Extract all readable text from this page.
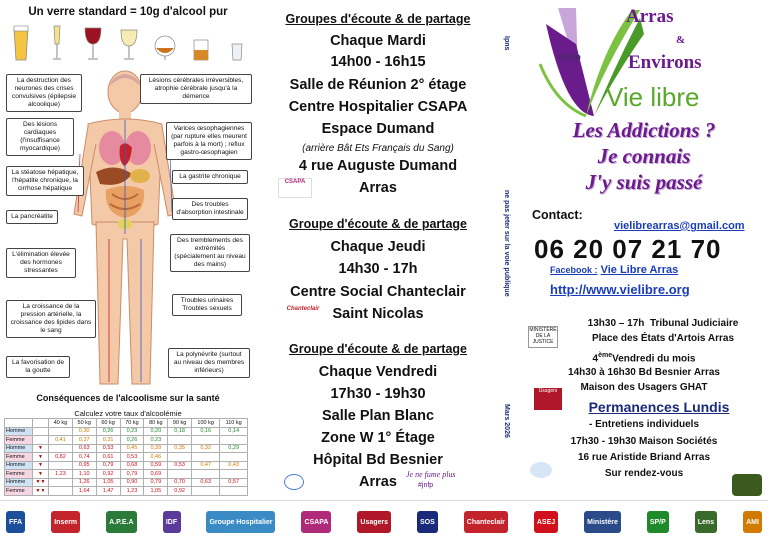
Un verre standard = 10g d'alcool pur
La destruction des neurones des crises convulsives (épilepsie alcoolique)
Lésions cérébrales irréversibles, atrophie cérébrale jusqu'à la démence
Des lésions cardiaques (l'insuffisance myocardique)
Varices œsophagiennes (par rupture elles meurent parfois à la mort) ; reflux gastro-œsophagien
La stéatose hépatique, l'hépatite chronique, la cirrhose hépatique
La gastrite chronique
Des troubles d'absorption intestinale
La pancréatite
Des tremblements des extrémités (spécialement au niveau des mains)
L'élimination élevée des hormones stressantes
Troubles urinaires Troubles sexuels
La croissance de la pression artérielle, la croissance des lipides dans le sang
La favorisation de la goutte
La polynévrite (surtout au niveau des membres inférieurs)
Conséquences de l'alcoolisme sur la santé
Calculez votre taux d'alcoolémie
		40 kg	50 kg	60 kg	70 kg	80 kg	90 kg	100 kg	110 kg
Homme			0,30	0,26	0,23	0,20	0,18	0,16	0,14
Femme		0,41	0,37	0,31	0,26	0,23			
Homme	▼		0,63	0,53	0,45	0,39	0,35	0,32	0,29
Femme	▼	0,82	0,74	0,61	0,53	0,46			
Homme	▼		0,95	0,79	0,68	0,59	0,53	0,47	0,43
Femme	▼	1,23	1,10	0,92	0,79	0,69			
Homme	▼▼		1,26	1,05	0,90	0,79	0,70	0,63	0,57
Femme	▼▼		1,64	1,47	1,23	1,05	0,92		
Groupes d'écoute & de partage
Chaque Mardi
14h00 - 16h15
Salle de Réunion 2° étage
Centre Hospitalier CSAPA
Espace Dumand
(arrière Bât Ets Français du Sang)
4 rue Auguste Dumand
Arras
CSAPA
Groupe d'écoute & de partage
Chaque Jeudi
14h30 - 17h
Centre Social Chanteclair
Saint Nicolas
Chanteclair
Groupe d'écoute & de partage
Chaque Vendredi
17h30 - 19h30
Salle Plan Blanc
Zone W 1° Étage
Hôpital Bd Besnier
Arras	Je ne fume plus
#jnfp
Ipns
ne pas jeter sur la voie publique
Mars 2026
#jnfp
Arras
&
Environs
Vie libre
Les Addictions ?
Je connais
J'y suis passé
Contact:
vielibrearras@gmail.com
06 20 07 21 70
Facebook : Vie Libre Arras
http://www.vielibre.org
MINISTÈRE DE LA JUSTICE
13h30 – 17h Tribunal Judiciaire
Place des États d'Artois Arras
4èmeVendredi du mois
14h30 à 16h30 Bd Besnier Arras
Maison des Usagers GHAT
Usagers
Permanences Lundis
- Entretiens individuels
17h30 - 19h30 Maison Sociétés
16 rue Aristide Briand Arras
Sur rendez-vous
FFA	Inserm	A.P.E.A	IDF	Groupe Hospitalier	CSAPA	Usagers	SOS	Chanteclair	ASEJ	Ministère	SP/P	Lens	AMI
